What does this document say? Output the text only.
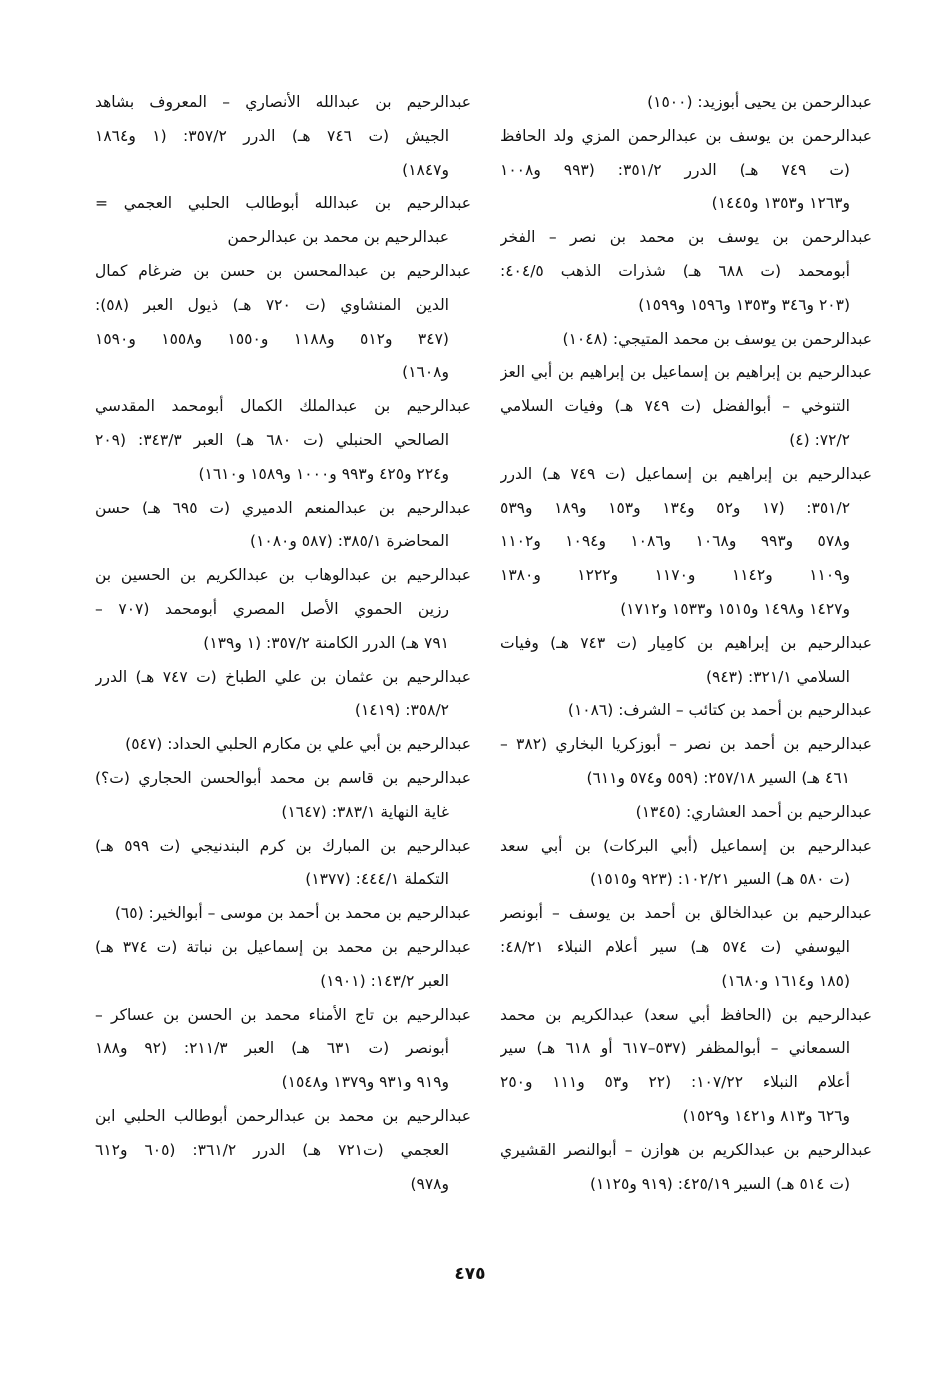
عبدالرحمن بن يحيى أبوزيد: (١٥٠٠)
عبدالرحمن بن يوسف بن عبدالرحمن المزي ولد الحافظ
(ت ٧٤٩ هـ) الدرر ٣٥١/٢: (٩٩٣ و١٠٠٨
و١٢٦٣ و١٣٥٣ و١٤٤٥)
عبدالرحمن بن يوسف بن محمد بن نصر – الفخر
أبومحمد (ت ٦٨٨ هـ) شذرات الذهب ٤٠٤/٥:
(٢٠٣ و٣٤٦ و١٣٥٣ و١٥٩٦ و١٥٩٩)
عبدالرحمن بن يوسف بن محمد المتيجي: (١٠٤٨)
عبدالرحيم بن إبراهيم بن إسماعيل بن إبراهيم بن أبي العز
التنوخي – أبوالفضل (ت ٧٤٩ هـ) وفيات السلامي
٧٢/٢: (٤)
عبدالرحيم بن إبراهيم بن إسماعيل (ت ٧٤٩ هـ) الدرر
٣٥١/٢: (١٧ و٥٢ و١٣٤ و١٥٣ و١٨٩ و٥٣٩
و٥٧٨ و٩٩٣ و١٠٦٨ و١٠٨٦ و١٠٩٤ و١١٠٢
و١١٠٩ و١١٤٢ و١١٧٠ و١٢٢٢ و١٣٨٠
و١٤٢٧ و١٤٩٨ و١٥١٥ و١٥٣٣ و١٧١٢)
عبدالرحيم بن إبراهيم بن كامِيار (ت ٧٤٣ هـ) وفيات
السلامي ٣٢١/١: (٩٤٣)
عبدالرحيم بن أحمد بن كتائب – الشرف: (١٠٨٦)
عبدالرحيم بن أحمد بن نصر – أبوزكريا البخاري (٣٨٢ –
٤٦١ هـ) السير ٢٥٧/١٨: (٥٥٩ و٥٧٤ و٦١١)
عبدالرحيم بن أحمد العشاري: (١٣٤٥)
عبدالرحيم بن إسماعيل (أبي البركات) بن أبي سعد
(ت ٥٨٠ هـ) السير ١٠٢/٢١: (٩٢٣ و١٥١٥)
عبدالرحيم بن عبدالخالق بن أحمد بن يوسف – أبونصر
اليوسفي (ت ٥٧٤ هـ) سير أعلام النبلاء ٤٨/٢١:
(١٨٥ و١٦١٤ و١٦٨٠)
عبدالرحيم بن (الحافظ أبي سعد) عبدالكريم بن محمد
السمعاني – أبوالمظفر (٥٣٧–٦١٧ أو ٦١٨ هـ) سير
أعلام النبلاء ١٠٧/٢٢: (٢٢ و٥٣ و١١١ و٢٥٠
و٦٢٦ و٨١٣ و١٤٢١ و١٥٢٩)
عبدالرحيم بن عبدالكريم بن هوازن – أبوالنصر القشيري
(ت ٥١٤ هـ) السير ٤٢٥/١٩: (٩١٩ و١١٢٥)
عبدالرحيم بن عبدالله الأنصاري – المعروف بشاهد
الجيش (ت ٧٤٦ هـ) الدرر ٣٥٧/٢: (١ و١٨٦٤
و١٨٤٧)
عبدالرحيم بن عبدالله أبوطالب الحلبي العجمي =
عبدالرحيم بن محمد بن عبدالرحمن
عبدالرحيم بن عبدالمحسن بن حسن بن ضرغام كمال
الدين المنشاوي (ت ٧٢٠ هـ) ذيول العبر (٥٨):
(٣٤٧ و٥١٢ و١١٨٨ و١٥٥٠ و١٥٥٨ و١٥٩٠
و١٦٠٨)
عبدالرحيم بن عبدالملك الكمال أبومحمد المقدسي
الصالحي الحنبلي (ت ٦٨٠ هـ) العبر ٣٤٣/٣: (٢٠٩
و٢٢٤ و٤٢٥ و٩٩٣ و١٠٠٠ و١٥٨٩ و١٦١٠)
عبدالرحيم بن عبدالمنعم الدميري (ت ٦٩٥ هـ) حسن
المحاضرة ٣٨٥/١: (٥٨٧ و١٠٨٠)
عبدالرحيم بن عبدالوهاب بن عبدالكريم بن الحسين بن
رزين الحموي الأصل المصري أبومحمد (٧٠٧ –
٧٩١ هـ) الدرر الكامنة ٣٥٧/٢: (١ و١٣٩)
عبدالرحيم بن عثمان بن علي الطباخ (ت ٧٤٧ هـ) الدرر
٣٥٨/٢: (١٤١٩)
عبدالرحيم بن أبي علي بن مكارم الحلبي الحداد: (٥٤٧)
عبدالرحيم بن قاسم بن محمد أبوالحسن الحجاري (ت؟)
غاية النهاية ٣٨٣/١: (١٦٤٧)
عبدالرحيم بن المبارك بن كرم البندنيجي (ت ٥٩٩ هـ)
التكملة ٤٤٤/١: (١٣٧٧)
عبدالرحيم بن محمد بن أحمد بن موسى – أبوالخير: (٦٥)
عبدالرحيم بن محمد بن إسماعيل بن نباتة (ت ٣٧٤ هـ)
العبر ١٤٣/٢: (١٩٠١)
عبدالرحيم بن تاج الأمناء محمد بن الحسن بن عساكر –
أبونصر (ت ٦٣١ هـ) العبر ٢١١/٣: (٩٢ و١٨٨
و٩١٩ و٩٣١ و١٣٧٩ و١٥٤٨)
عبدالرحيم بن محمد بن عبدالرحمن أبوطالب الحلبي ابن
العجمي (ت٧٢١ هـ) الدرر ٣٦١/٢: (٦٠٥ و٦١٢
و٩٧٨)
٤٧٥
